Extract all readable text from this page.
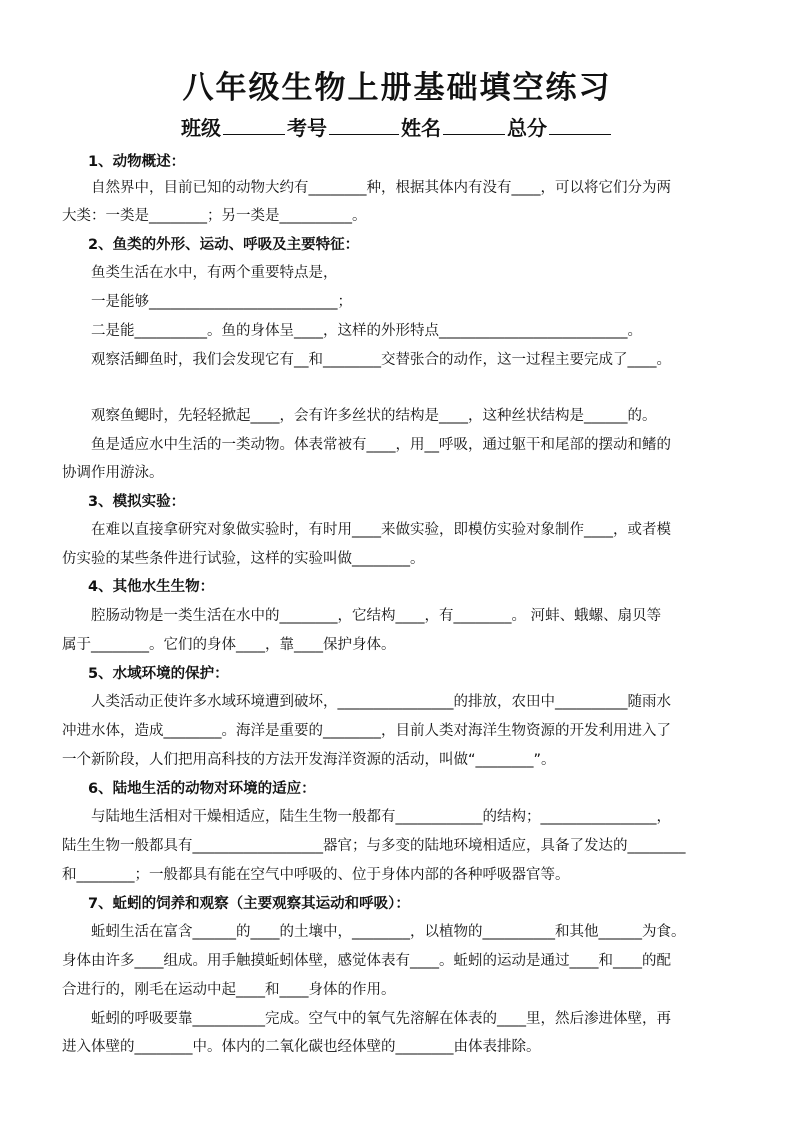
八年级生物上册基础填空练习
班级	考号	姓名	总分
1、动物概述：
自然界中，目前已知的动物大约有________种，根据其体内有没有____，可以将它们分为两
大类：一类是________；另一类是__________。
2、鱼类的外形、运动、呼吸及主要特征：
鱼类生活在水中，有两个重要特点是，
一是能够__________________________；
二是能__________。鱼的身体呈____，这样的外形特点__________________________。
观察活鲫鱼时，我们会发现它有__和________交替张合的动作，这一过程主要完成了____。
观察鱼鳃时，先轻轻掀起____，会有许多丝状的结构是____，这种丝状结构是______的。
鱼是适应水中生活的一类动物。体表常被有____，用__呼吸，通过躯干和尾部的摆动和鳍的
协调作用游泳。
3、模拟实验：
在难以直接拿研究对象做实验时，有时用____来做实验，即模仿实验对象制作____，或者模
仿实验的某些条件进行试验，这样的实验叫做________。
4、其他水生生物：
腔肠动物是一类生活在水中的________，它结构____，有________。 河蚌、蛾螺、扇贝等
属于________。它们的身体____，靠____保护身体。
5、水域环境的保护：
人类活动正使许多水域环境遭到破坏，________________的排放，农田中__________随雨水
冲进水体，造成________。海洋是重要的________，目前人类对海洋生物资源的开发利用进入了
一个新阶段，人们把用高科技的方法开发海洋资源的活动，叫做“________”。
6、陆地生活的动物对环境的适应：
与陆地生活相对干燥相适应，陆生生物一般都有____________的结构；________________，
陆生生物一般都具有__________________器官；与多变的陆地环境相适应，具备了发达的________
和________；一般都具有能在空气中呼吸的、位于身体内部的各种呼吸器官等。
7、蚯蚓的饲养和观察（主要观察其运动和呼吸）：
蚯蚓生活在富含______的____的土壤中，________，以植物的__________和其他______为食。
身体由许多____组成。用手触摸蚯蚓体壁，感觉体表有____。蚯蚓的运动是通过____和____的配
合进行的，刚毛在运动中起____和____身体的作用。
蚯蚓的呼吸要靠__________完成。空气中的氧气先溶解在体表的____里，然后渗进体壁，再
进入体壁的________中。体内的二氧化碳也经体壁的________由体表排除。
